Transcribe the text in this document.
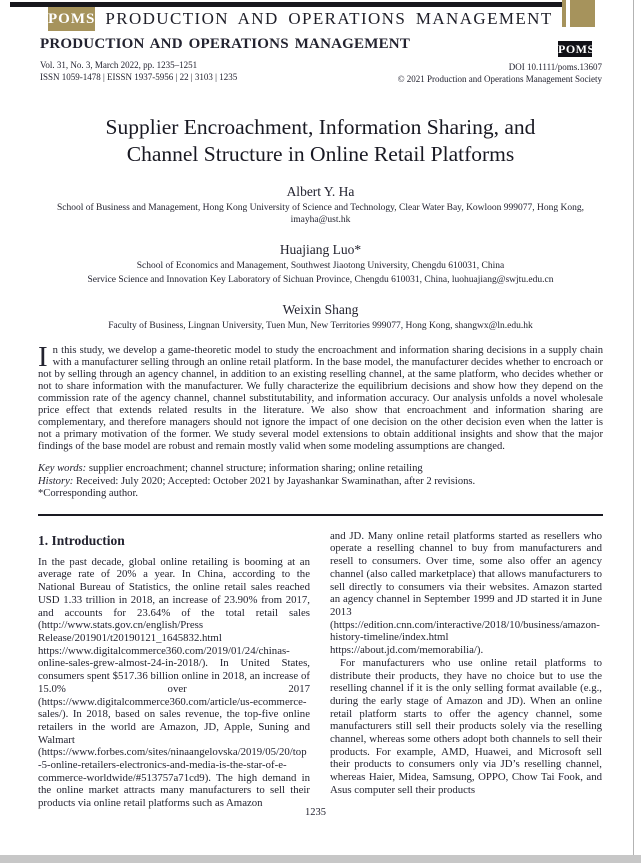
POMS PRODUCTION AND OPERATIONS MANAGEMENT
PRODUCTION AND OPERATIONS MANAGEMENT
Vol. 31, No. 3, March 2022, pp. 1235–1251
ISSN 1059-1478 | EISSN 1937-5956 | 22 | 3103 | 1235
POMS
DOI 10.1111/poms.13607
© 2021 Production and Operations Management Society
Supplier Encroachment, Information Sharing, and
Channel Structure in Online Retail Platforms
Albert Y. Ha
School of Business and Management, Hong Kong University of Science and Technology, Clear Water Bay, Kowloon 999077, Hong Kong, imayha@ust.hk
Huajiang Luo*
School of Economics and Management, Southwest Jiaotong University, Chengdu 610031, China
Service Science and Innovation Key Laboratory of Sichuan Province, Chengdu 610031, China, luohuajiang@swjtu.edu.cn
Weixin Shang
Faculty of Business, Lingnan University, Tuen Mun, New Territories 999077, Hong Kong, shangwx@ln.edu.hk

In this study, we develop a game-theoretic model to study the encroachment and information sharing decisions in a supply chain with a manufacturer selling through an online retail platform. In the base model, the manufacturer decides whether to encroach or not by selling through an agency channel, in addition to an existing reselling channel, at the same platform, who decides whether or not to share information with the manufacturer. We fully characterize the equilibrium decisions and show how they depend on the commission rate of the agency channel, channel substitutability, and information accuracy. Our analysis unfolds a novel wholesale price effect that extends related results in the literature. We also show that encroachment and information sharing are complementary, and therefore managers should not ignore the impact of one decision on the other decision even when the latter is not a primary motivation of the former. We study several model extensions to obtain additional insights and show that the major findings of the base model are robust and remain mostly valid when some modeling assumptions are changed.

Key words: supplier encroachment; channel structure; information sharing; online retailing
History: Received: July 2020; Accepted: October 2021 by Jayashankar Swaminathan, after 2 revisions.
*Corresponding author.
1. Introduction

In the past decade, global online retailing is booming at an average rate of 20% a year. In China, according to the National Bureau of Statistics, the online retail sales reached USD 1.33 trillion in 2018, an increase of 23.90% from 2017, and accounts for 23.64% of the total retail sales (http://www.stats.gov.cn/english/Press Release/201901/t20190121_1645832.html https://www.digitalcommerce360.com/2019/01/24/chinas-online-sales-grew-almost-24-in-2018/). In United States, consumers spent $517.36 billion online in 2018, an increase of 15.0% over 2017 (https://www.digitalcommerce360.com/article/us-ecommerce-sales/). In 2018, based on sales revenue, the top-five online retailers in the world are Amazon, JD, Apple, Suning and Walmart (https://www.forbes.com/sites/ninaangelovska/2019/05/20/top-5-online-retailers-electronics-and-media-is-the-star-of-e-commerce-worldwide/#513757a71cd9). The high demand in the online market attracts many manufacturers to sell their products via online retail platforms such as Amazon

and JD. Many online retail platforms started as resellers who operate a reselling channel to buy from manufacturers and resell to consumers. Over time, some also offer an agency channel (also called marketplace) that allows manufacturers to sell directly to consumers via their websites. Amazon started an agency channel in September 1999 and JD started it in June 2013 (https://edition.cnn.com/interactive/2018/10/business/amazon-history-timeline/index.html https://about.jd.com/memorabilia/).

For manufacturers who use online retail platforms to distribute their products, they have no choice but to use the reselling channel if it is the only selling format available (e.g., during the early stage of Amazon and JD). When an online retail platform starts to offer the agency channel, some manufacturers still sell their products solely via the reselling channel, whereas some others adopt both channels to sell their products. For example, AMD, Huawei, and Microsoft sell their products to consumers only via JD’s reselling channel, whereas Haier, Midea, Samsung, OPPO, Chow Tai Fook, and Asus computer sell their products

1235
